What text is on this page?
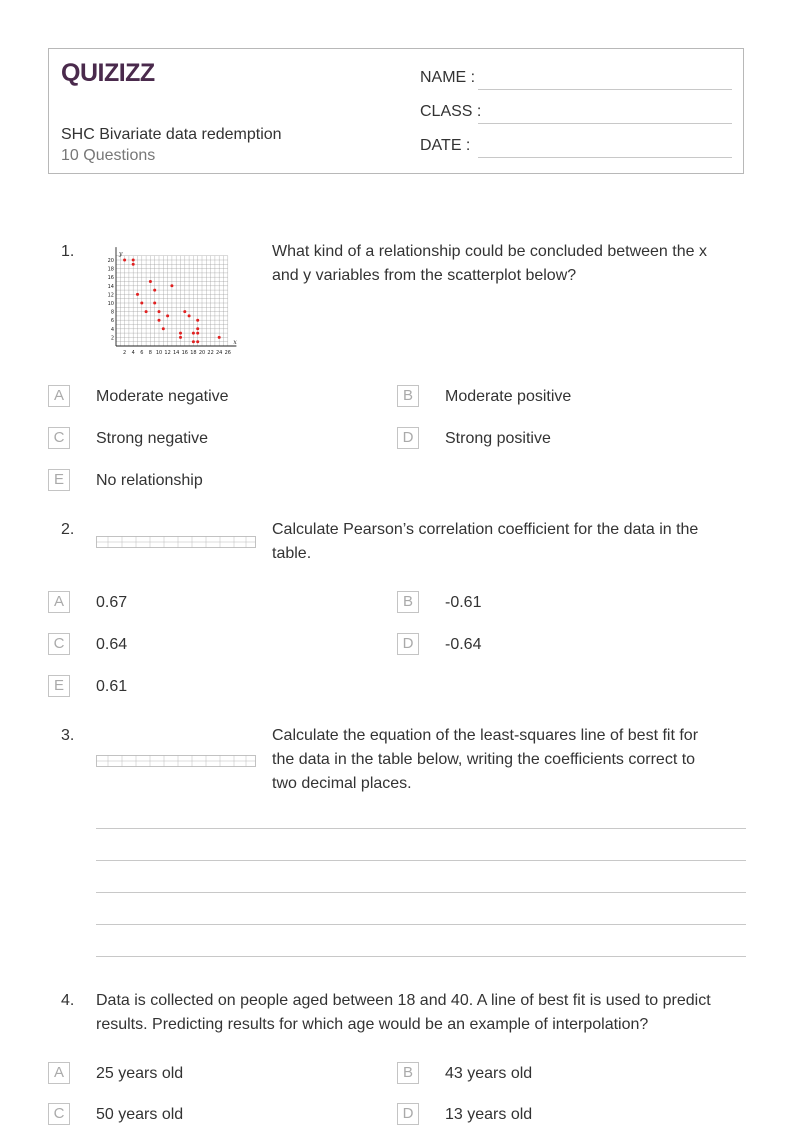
QUIZIZZ
SHC Bivariate data redemption
10 Questions
NAME :
CLASS :
DATE :
1.	y
x
20
18
16
14
12
10
8
6
4
2
2 4 6 8 10 12 14 16 18 20 22 24 26
What kind of a relationship could be concluded between the x
and y variables from the scatterplot below?
A	Moderate negative	B	Moderate positive
C	Strong negative	D	Strong positive
E	No relationship
2.	Calculate Pearson’s correlation coefficient for the data in the
table.
A	0.67	B	-0.61
C	0.64	D	-0.64
E	0.61
3.	Calculate the equation of the least-squares line of best fit for
the data in the table below, writing the coefficients correct to
two decimal places.
4. Data is collected on people aged between 18 and 40. A line of best fit is used to predict
results. Predicting results for which age would be an example of interpolation?
A	25 years old	B	43 years old
C	50 years old	D	13 years old
